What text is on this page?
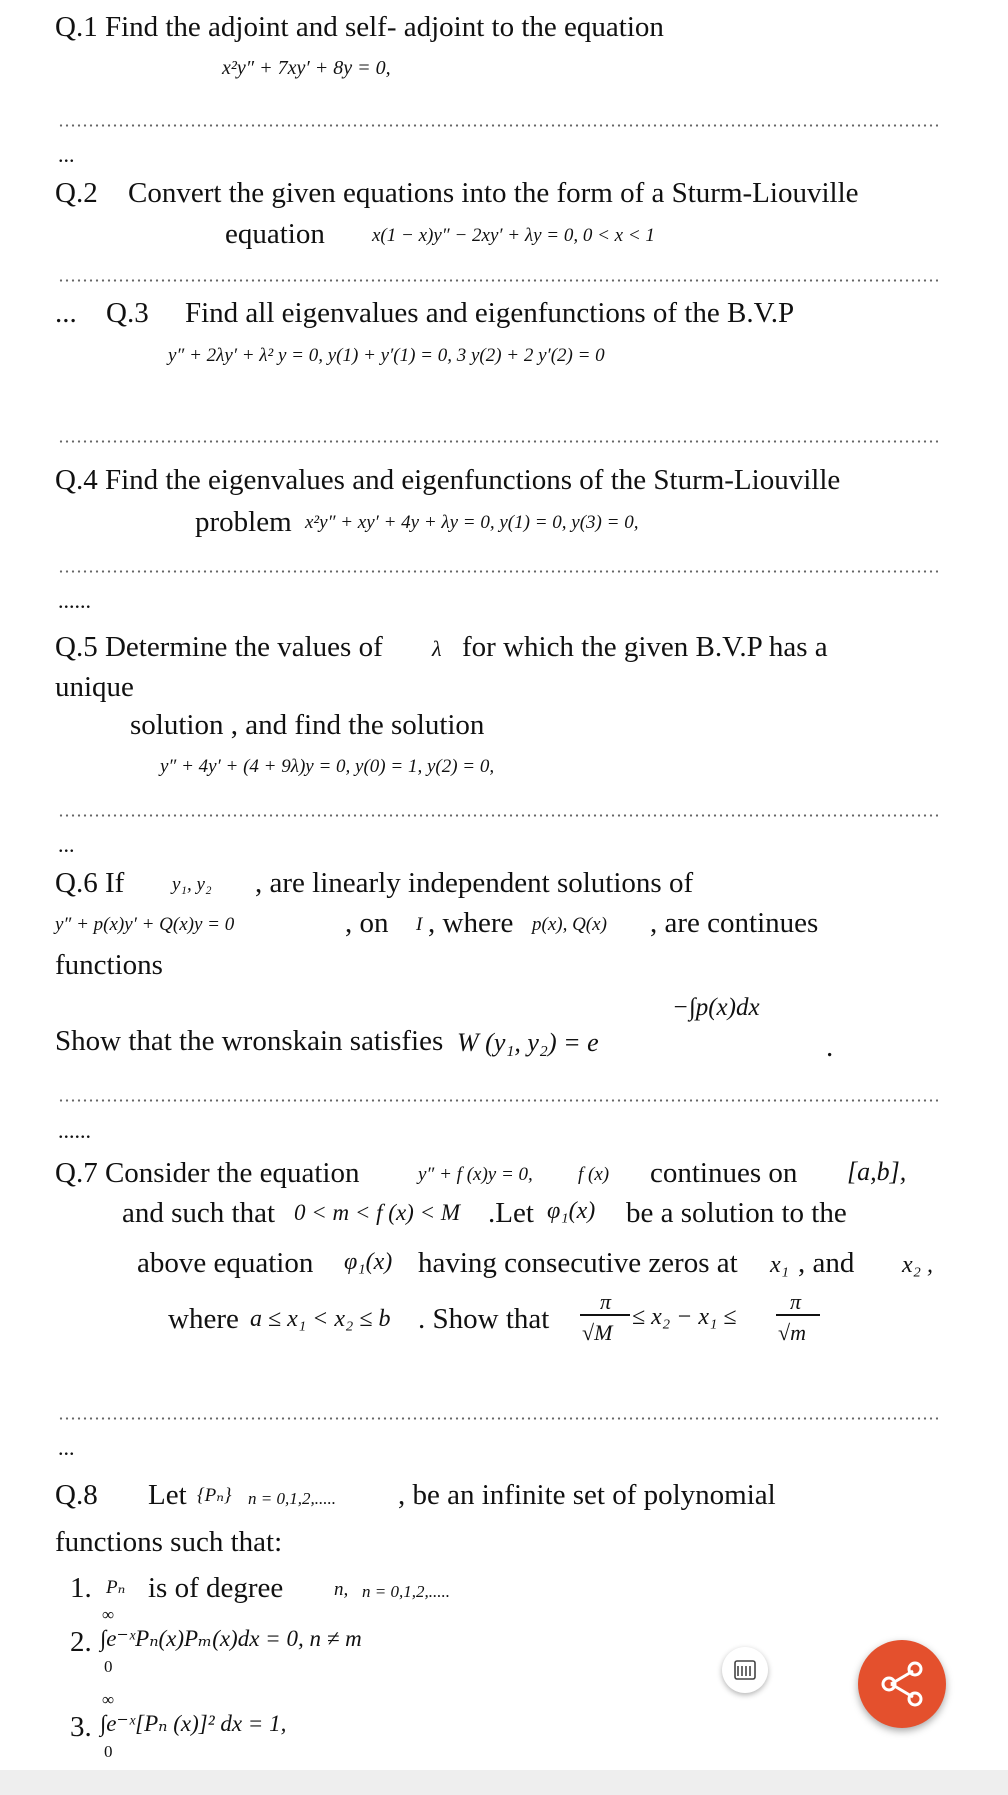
Q.1 Find the adjoint and self- adjoint to the equation
x²y″ + 7xy′ + 8y = 0,
...
Q.2 Convert the given equations into the form of a Sturm-Liouville
equation x(1 − x)y″ − 2xy′ + λy = 0, 0 < x < 1
... Q.3 Find all eigenvalues and eigenfunctions of the B.V.P
y″ + 2λy′ + λ² y = 0, y(1) + y′(1) = 0, 3 y(2) + 2 y′(2) = 0
Q.4 Find the eigenvalues and eigenfunctions of the Sturm-Liouville
problem x²y″ + xy′ + 4y + λy = 0, y(1) = 0, y(3) = 0,
......
Q.5 Determine the values of λ for which the given B.V.P has a
unique
solution , and find the solution
y″ + 4y′ + (4 + 9λ)y = 0, y(0) = 1, y(2) = 0,
...
Q.6 If	y₁, y₂ , are linearly independent solutions of
y″ + p(x)y′ + Q(x)y = 0	, on I , where p(x), Q(x) , are continues
functions
Show that the wronskain satisfies W (y₁, y₂) = e
−∫p(x)dx
.
......
Q.7 Consider the equation	y″ + f (x)y = 0, f (x) continues on [a,b],
and such that 0 < m < f (x) < M .Let φ₁(x) be a solution to the
above equation φ₁(x) having consecutive zeros at x₁ , and x₂ ,
where a ≤ x₁ < x₂ ≤ b . Show that
π
√M
≤ x₂ − x₁ ≤
π
√m
...
Q.8 Let {Pₙ} n = 0,1,2,..... , be an infinite set of polynomial
functions such that:
1. Pₙ is of degree	n, n = 0,1,2,.....
2.
∞
∫e⁻ˣPₙ(x)Pₘ(x)dx = 0, n ≠ m
0
3.
∞
∫e⁻ˣ[Pₙ (x)]² dx = 1,
0
